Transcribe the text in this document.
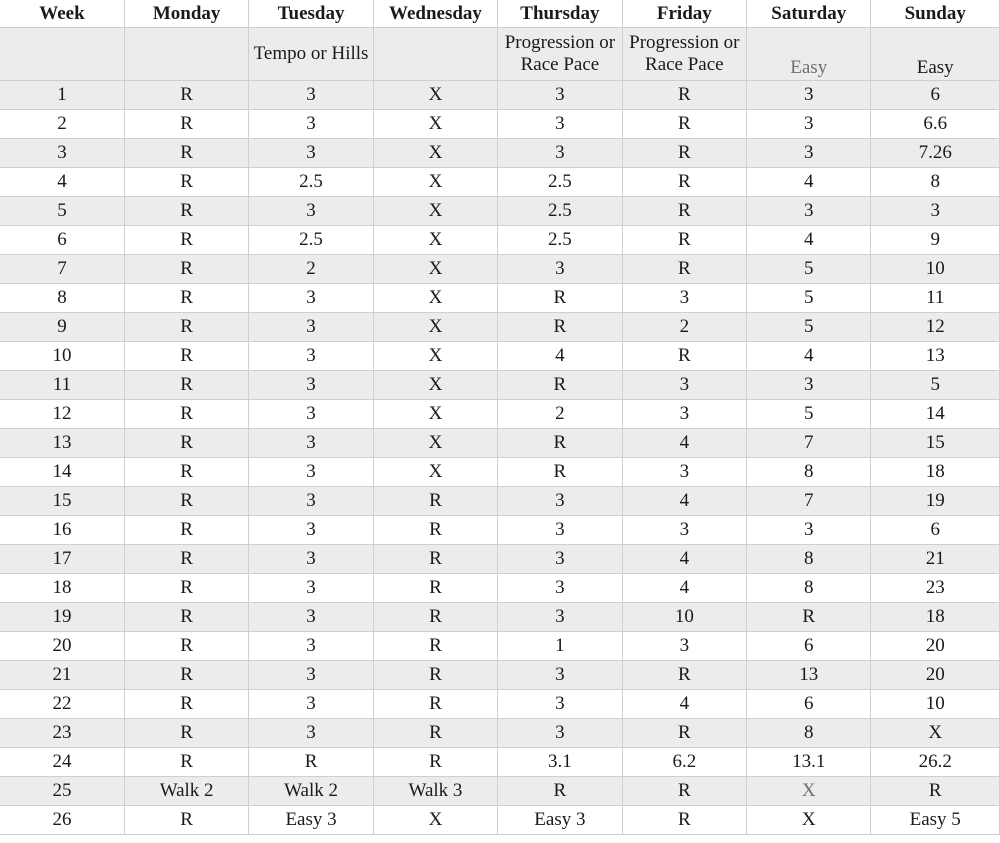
Week	Monday	Tuesday	Wednesday	Thursday	Friday	Saturday	Sunday
		Tempo or Hills		Progression or Race Pace	Progression or Race Pace	Easy	Easy
1	R	3	X	3	R	3	6
2	R	3	X	3	R	3	6.6
3	R	3	X	3	R	3	7.26
4	R	2.5	X	2.5	R	4	8
5	R	3	X	2.5	R	3	3
6	R	2.5	X	2.5	R	4	9
7	R	2	X	3	R	5	10
8	R	3	X	R	3	5	11
9	R	3	X	R	2	5	12
10	R	3	X	4	R	4	13
11	R	3	X	R	3	3	5
12	R	3	X	2	3	5	14
13	R	3	X	R	4	7	15
14	R	3	X	R	3	8	18
15	R	3	R	3	4	7	19
16	R	3	R	3	3	3	6
17	R	3	R	3	4	8	21
18	R	3	R	3	4	8	23
19	R	3	R	3	10	R	18
20	R	3	R	1	3	6	20
21	R	3	R	3	R	13	20
22	R	3	R	3	4	6	10
23	R	3	R	3	R	8	X
24	R	R	R	3.1	6.2	13.1	26.2
25	Walk 2	Walk 2	Walk 3	R	R	X	R
26	R	Easy 3	X	Easy 3	R	X	Easy 5
